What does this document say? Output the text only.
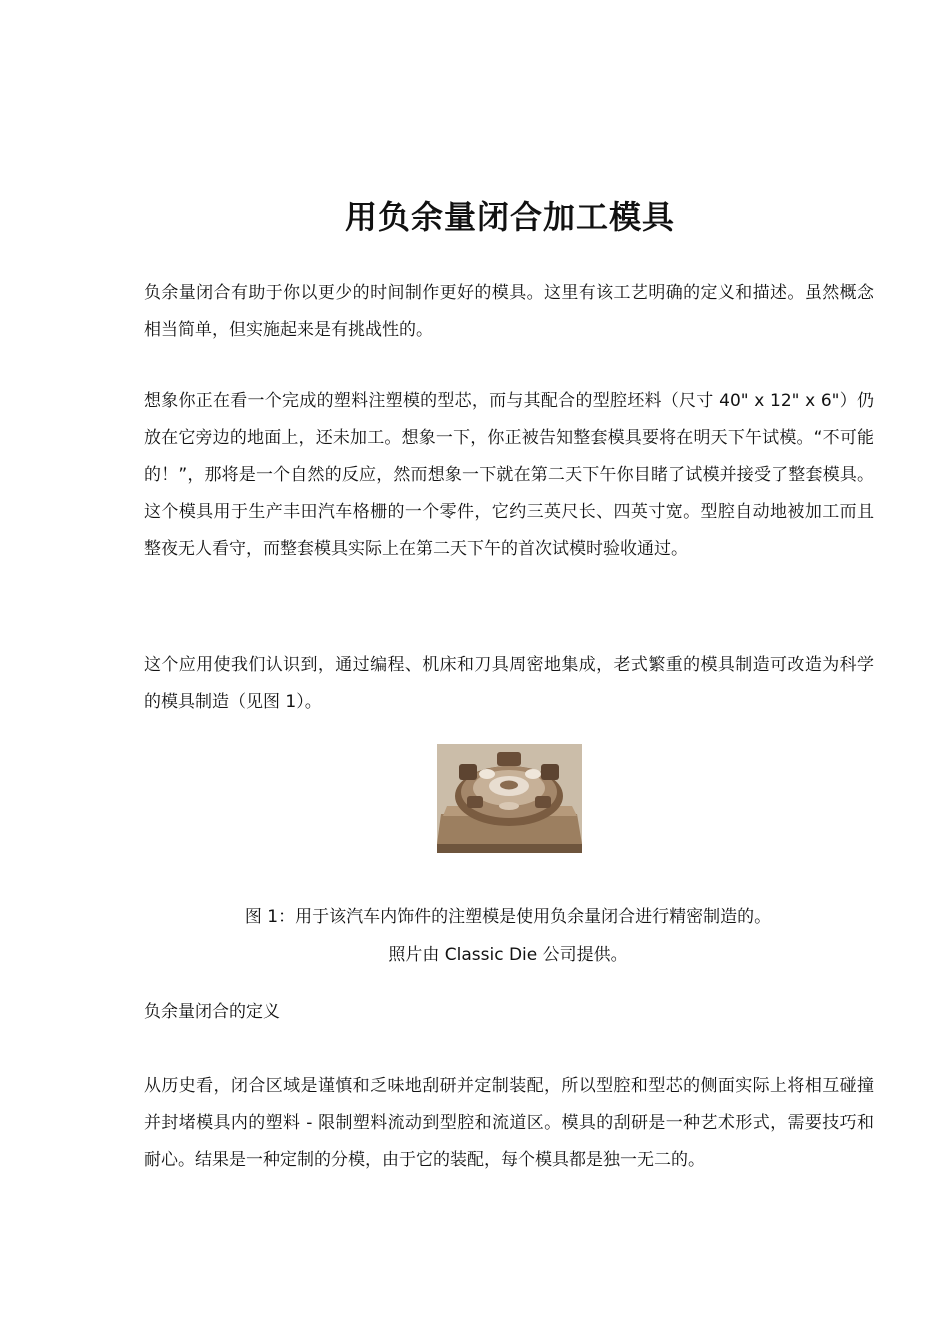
用负余量闭合加工模具

负余量闭合有助于你以更少的时间制作更好的模具。这里有该工艺明确的定义和描述。虽然概念相当简单，但实施起来是有挑战性的。

想象你正在看一个完成的塑料注塑模的型芯，而与其配合的型腔坯料（尺寸 40" x 12" x 6"）仍放在它旁边的地面上，还未加工。想象一下，你正被告知整套模具要将在明天下午试模。“不可能的！”，那将是一个自然的反应，然而想象一下就在第二天下午你目睹了试模并接受了整套模具。这个模具用于生产丰田汽车格栅的一个零件，它约三英尺长、四英寸宽。型腔自动地被加工而且整夜无人看守，而整套模具实际上在第二天下午的首次试模时验收通过。

这个应用使我们认识到，通过编程、机床和刀具周密地集成，老式繁重的模具制造可改造为科学的模具制造（见图 1）。

图 1：用于该汽车内饰件的注塑模是使用负余量闭合进行精密制造的。

照片由 Classic Die 公司提供。

负余量闭合的定义

从历史看，闭合区域是谨慎和乏味地刮研并定制装配，所以型腔和型芯的侧面实际上将相互碰撞并封堵模具内的塑料 - 限制塑料流动到型腔和流道区。模具的刮研是一种艺术形式，需要技巧和耐心。结果是一种定制的分模，由于它的装配，每个模具都是独一无二的。
